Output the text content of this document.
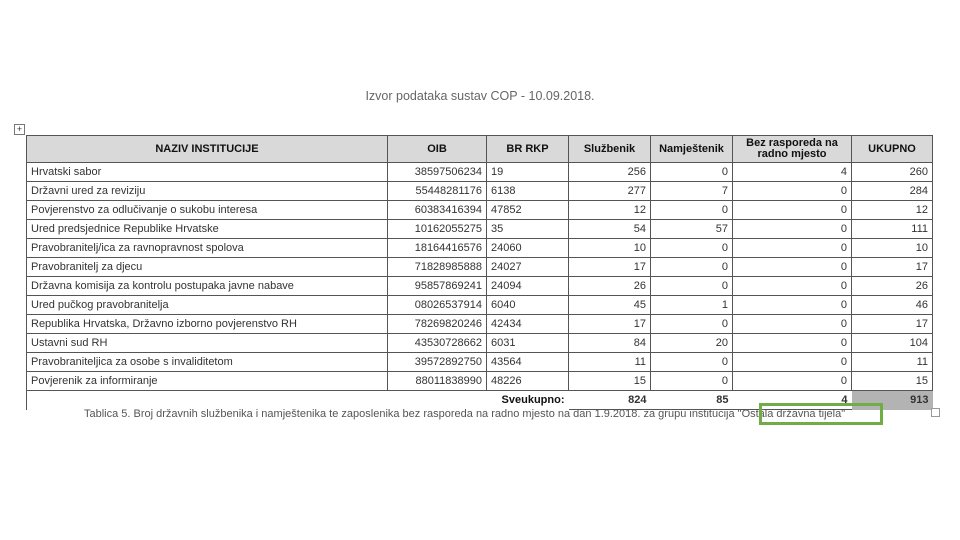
Izvor podataka sustav COP - 10.09.2018.
+
NAZIV INSTITUCIJE	OIB	BR RKP	Službenik	Namještenik	Bez rasporeda na radno mjesto	UKUPNO
Hrvatski sabor	38597506234	19	256	0	4	260
Državni ured za reviziju	55448281176	6138	277	7	0	284
Povjerenstvo za odlučivanje o sukobu interesa	60383416394	47852	12	0	0	12
Ured predsjednice Republike Hrvatske	10162055275	35	54	57	0	111
Pravobranitelj/ica za ravnopravnost spolova	18164416576	24060	10	0	0	10
Pravobranitelj za djecu	71828985888	24027	17	0	0	17
Državna komisija za kontrolu postupaka javne nabave	95857869241	24094	26	0	0	26
Ured pučkog pravobranitelja	08026537914	6040	45	1	0	46
Republika Hrvatska, Državno izborno povjerenstvo RH	78269820246	42434	17	0	0	17
Ustavni sud RH	43530728662	6031	84	20	0	104
Pravobraniteljica za osobe s invaliditetom	39572892750	43564	11	0	0	11
Povjerenik za informiranje	88011838990	48226	15	0	0	15
		Sveukupno:	824	85	4	913
Tablica 5. Broj državnih službenika i namještenika te zaposlenika bez rasporeda na radno mjesto na dan 1.9.2018. za grupu institucija "Ostala državna tijela"
